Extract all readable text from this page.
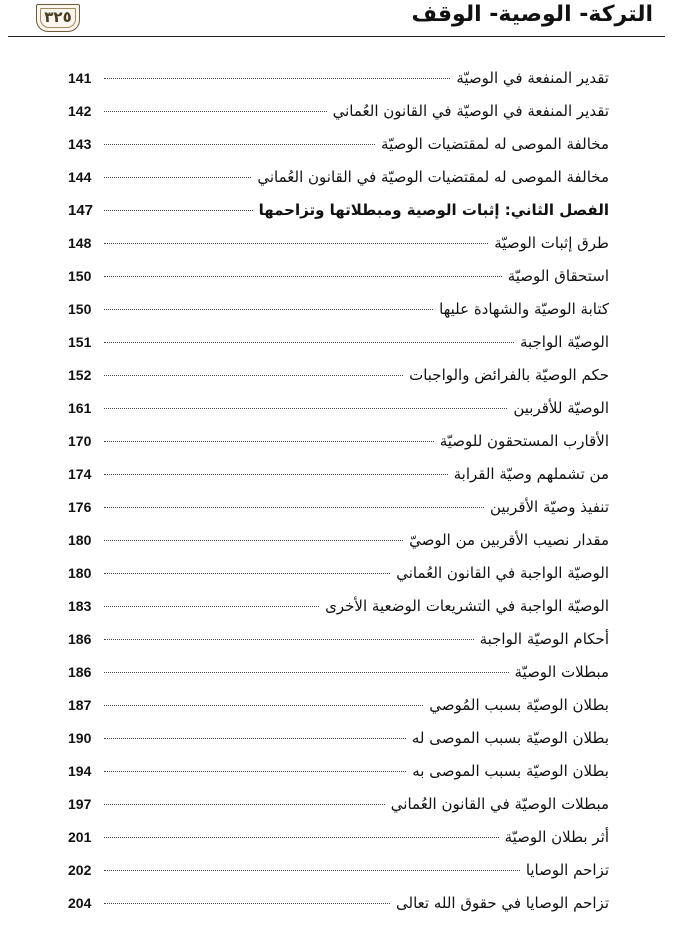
التركة- الوصية- الوقف
٣٢٥
تقدير المنفعة في الوصيّة
141
تقدير المنفعة في الوصيّة في القانون العُماني
142
مخالفة الموصى له لمقتضيات الوصيّة
143
مخالفة الموصى له لمقتضيات الوصيّة في القانون العُماني
144
الفصل الثاني: إثبات الوصية ومبطلاتها وتزاحمها
147
طرق إثبات الوصيّة
148
استحقاق الوصيّة
150
كتابة الوصيّة والشهادة عليها
150
الوصيّة الواجبة
151
حكم الوصيّة بالفرائض والواجبات
152
الوصيّة للأقربين
161
الأقارب المستحقون للوصيّة
170
من تشملهم وصيّة القرابة
174
تنفيذ وصيّة الأقربين
176
مقدار نصيب الأقربين من الوصيّ
180
الوصيّة الواجبة في القانون العُماني
180
الوصيّة الواجبة في التشريعات الوضعية الأخرى
183
أحكام الوصيّة الواجبة
186
مبطلات الوصيّة
186
بطلان الوصيّة بسبب المُوصي
187
بطلان الوصيّة بسبب الموصى له
190
بطلان الوصيّة بسبب الموصى به
194
مبطلات الوصيّة في القانون العُماني
197
أثر بطلان الوصيّة
201
تزاحم الوصايا
202
تزاحم الوصايا في حقوق الله تعالى
204
